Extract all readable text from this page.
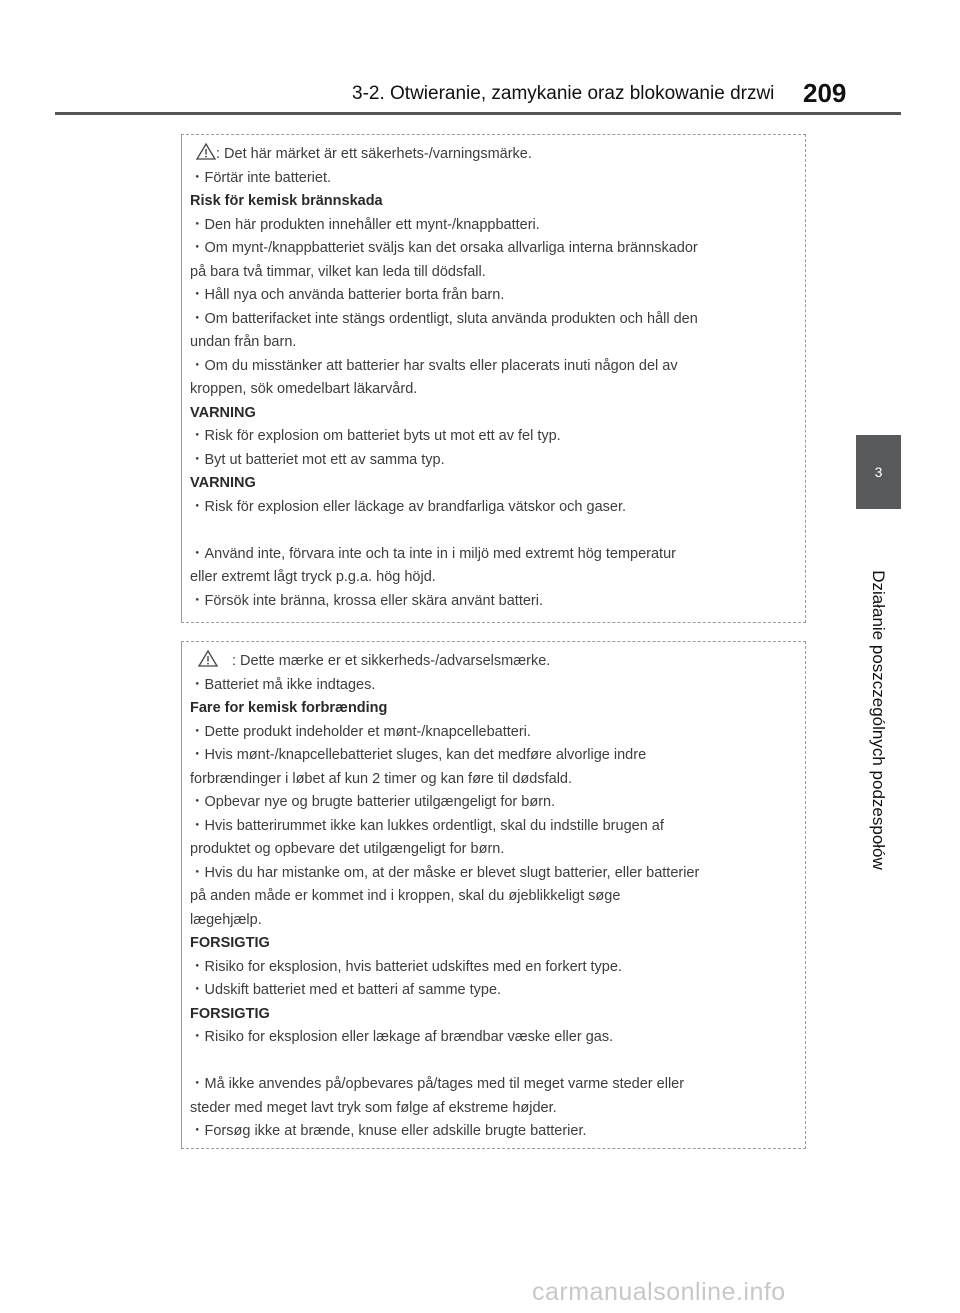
3-2. Otwieranie, zamykanie oraz blokowanie drzwi 209
3
Działanie poszczególnych podzespołów
: Det här märket är ett säkerhets-/varningsmärke.
・Förtär inte batteriet.
Risk för kemisk brännskada
・Den här produkten innehåller ett mynt-/knappbatteri.
・Om mynt-/knappbatteriet sväljs kan det orsaka allvarliga interna brännskador
på bara två timmar, vilket kan leda till dödsfall.
・Håll nya och använda batterier borta från barn.
・Om batterifacket inte stängs ordentligt, sluta använda produkten och håll den
undan från barn.
・Om du misstänker att batterier har svalts eller placerats inuti någon del av
kroppen, sök omedelbart läkarvård.
VARNING
・Risk för explosion om batteriet byts ut mot ett av fel typ.
・Byt ut batteriet mot ett av samma typ.
VARNING
・Risk för explosion eller läckage av brandfarliga vätskor och gaser.
・Använd inte, förvara inte och ta inte in i miljö med extremt hög temperatur
eller extremt lågt tryck p.g.a. hög höjd.
・Försök inte bränna, krossa eller skära använt batteri.
: Dette mærke er et sikkerheds-/advarselsmærke.
・Batteriet må ikke indtages.
Fare for kemisk forbrænding
・Dette produkt indeholder et mønt-/knapcellebatteri.
・Hvis mønt-/knapcellebatteriet sluges, kan det medføre alvorlige indre
forbrændinger i løbet af kun 2 timer og kan føre til dødsfald.
・Opbevar nye og brugte batterier utilgængeligt for børn.
・Hvis batterirummet ikke kan lukkes ordentligt, skal du indstille brugen af
produktet og opbevare det utilgængeligt for børn.
・Hvis du har mistanke om, at der måske er blevet slugt batterier, eller batterier
på anden måde er kommet ind i kroppen, skal du øjeblikkeligt søge
lægehjælp.
FORSIGTIG
・Risiko for eksplosion, hvis batteriet udskiftes med en forkert type.
・Udskift batteriet med et batteri af samme type.
FORSIGTIG
・Risiko for eksplosion eller lækage af brændbar væske eller gas.
・Må ikke anvendes på/opbevares på/tages med til meget varme steder eller
steder med meget lavt tryk som følge af ekstreme højder.
・Forsøg ikke at brænde, knuse eller adskille brugte batterier.
carmanualsonline.info
